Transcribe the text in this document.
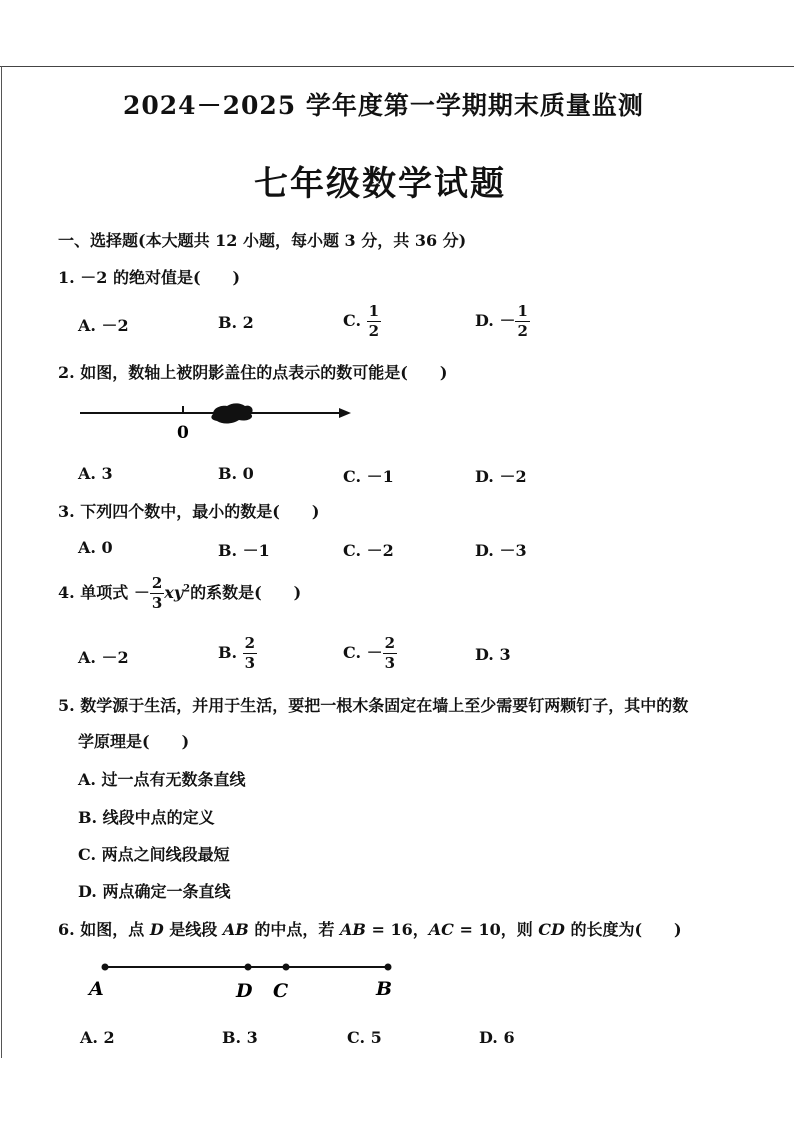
2024－2025 学年度第一学期期末质量监测
七年级数学试题
一、选择题(本大题共 12 小题，每小题 3 分，共 36 分)
1. －2 的绝对值是(　　)
A. －2	B. 2	C. $\frac{1}{2}$	D. － $\frac{1}{2}$
2. 如图，数轴上被阴影盖住的点表示的数可能是(　　)
0
A. 3	B. 0	C. －1	D. －2
3. 下列四个数中，最小的数是(　　)
A. 0	B. －1	C. －2	D. －3
4. 单项式 － $\frac{2}{3} xy^2$的系数是(　　)
A. －2	B. $\frac{2}{3}$	C. － $\frac{2}{3}$	D. 3
5. 数学源于生活，并用于生活，要把一根木条固定在墙上至少需要钉两颗钉子，其中的数
学原理是(　　)
A. 过一点有无数条直线
B. 线段中点的定义
C. 两点之间线段最短
D. 两点确定一条直线
6. 如图，点 D 是线段 AB 的中点，若 AB = 16，AC = 10，则 CD 的长度为(　　)
A	D C	B
A. 2	B. 3	C. 5	D. 6
